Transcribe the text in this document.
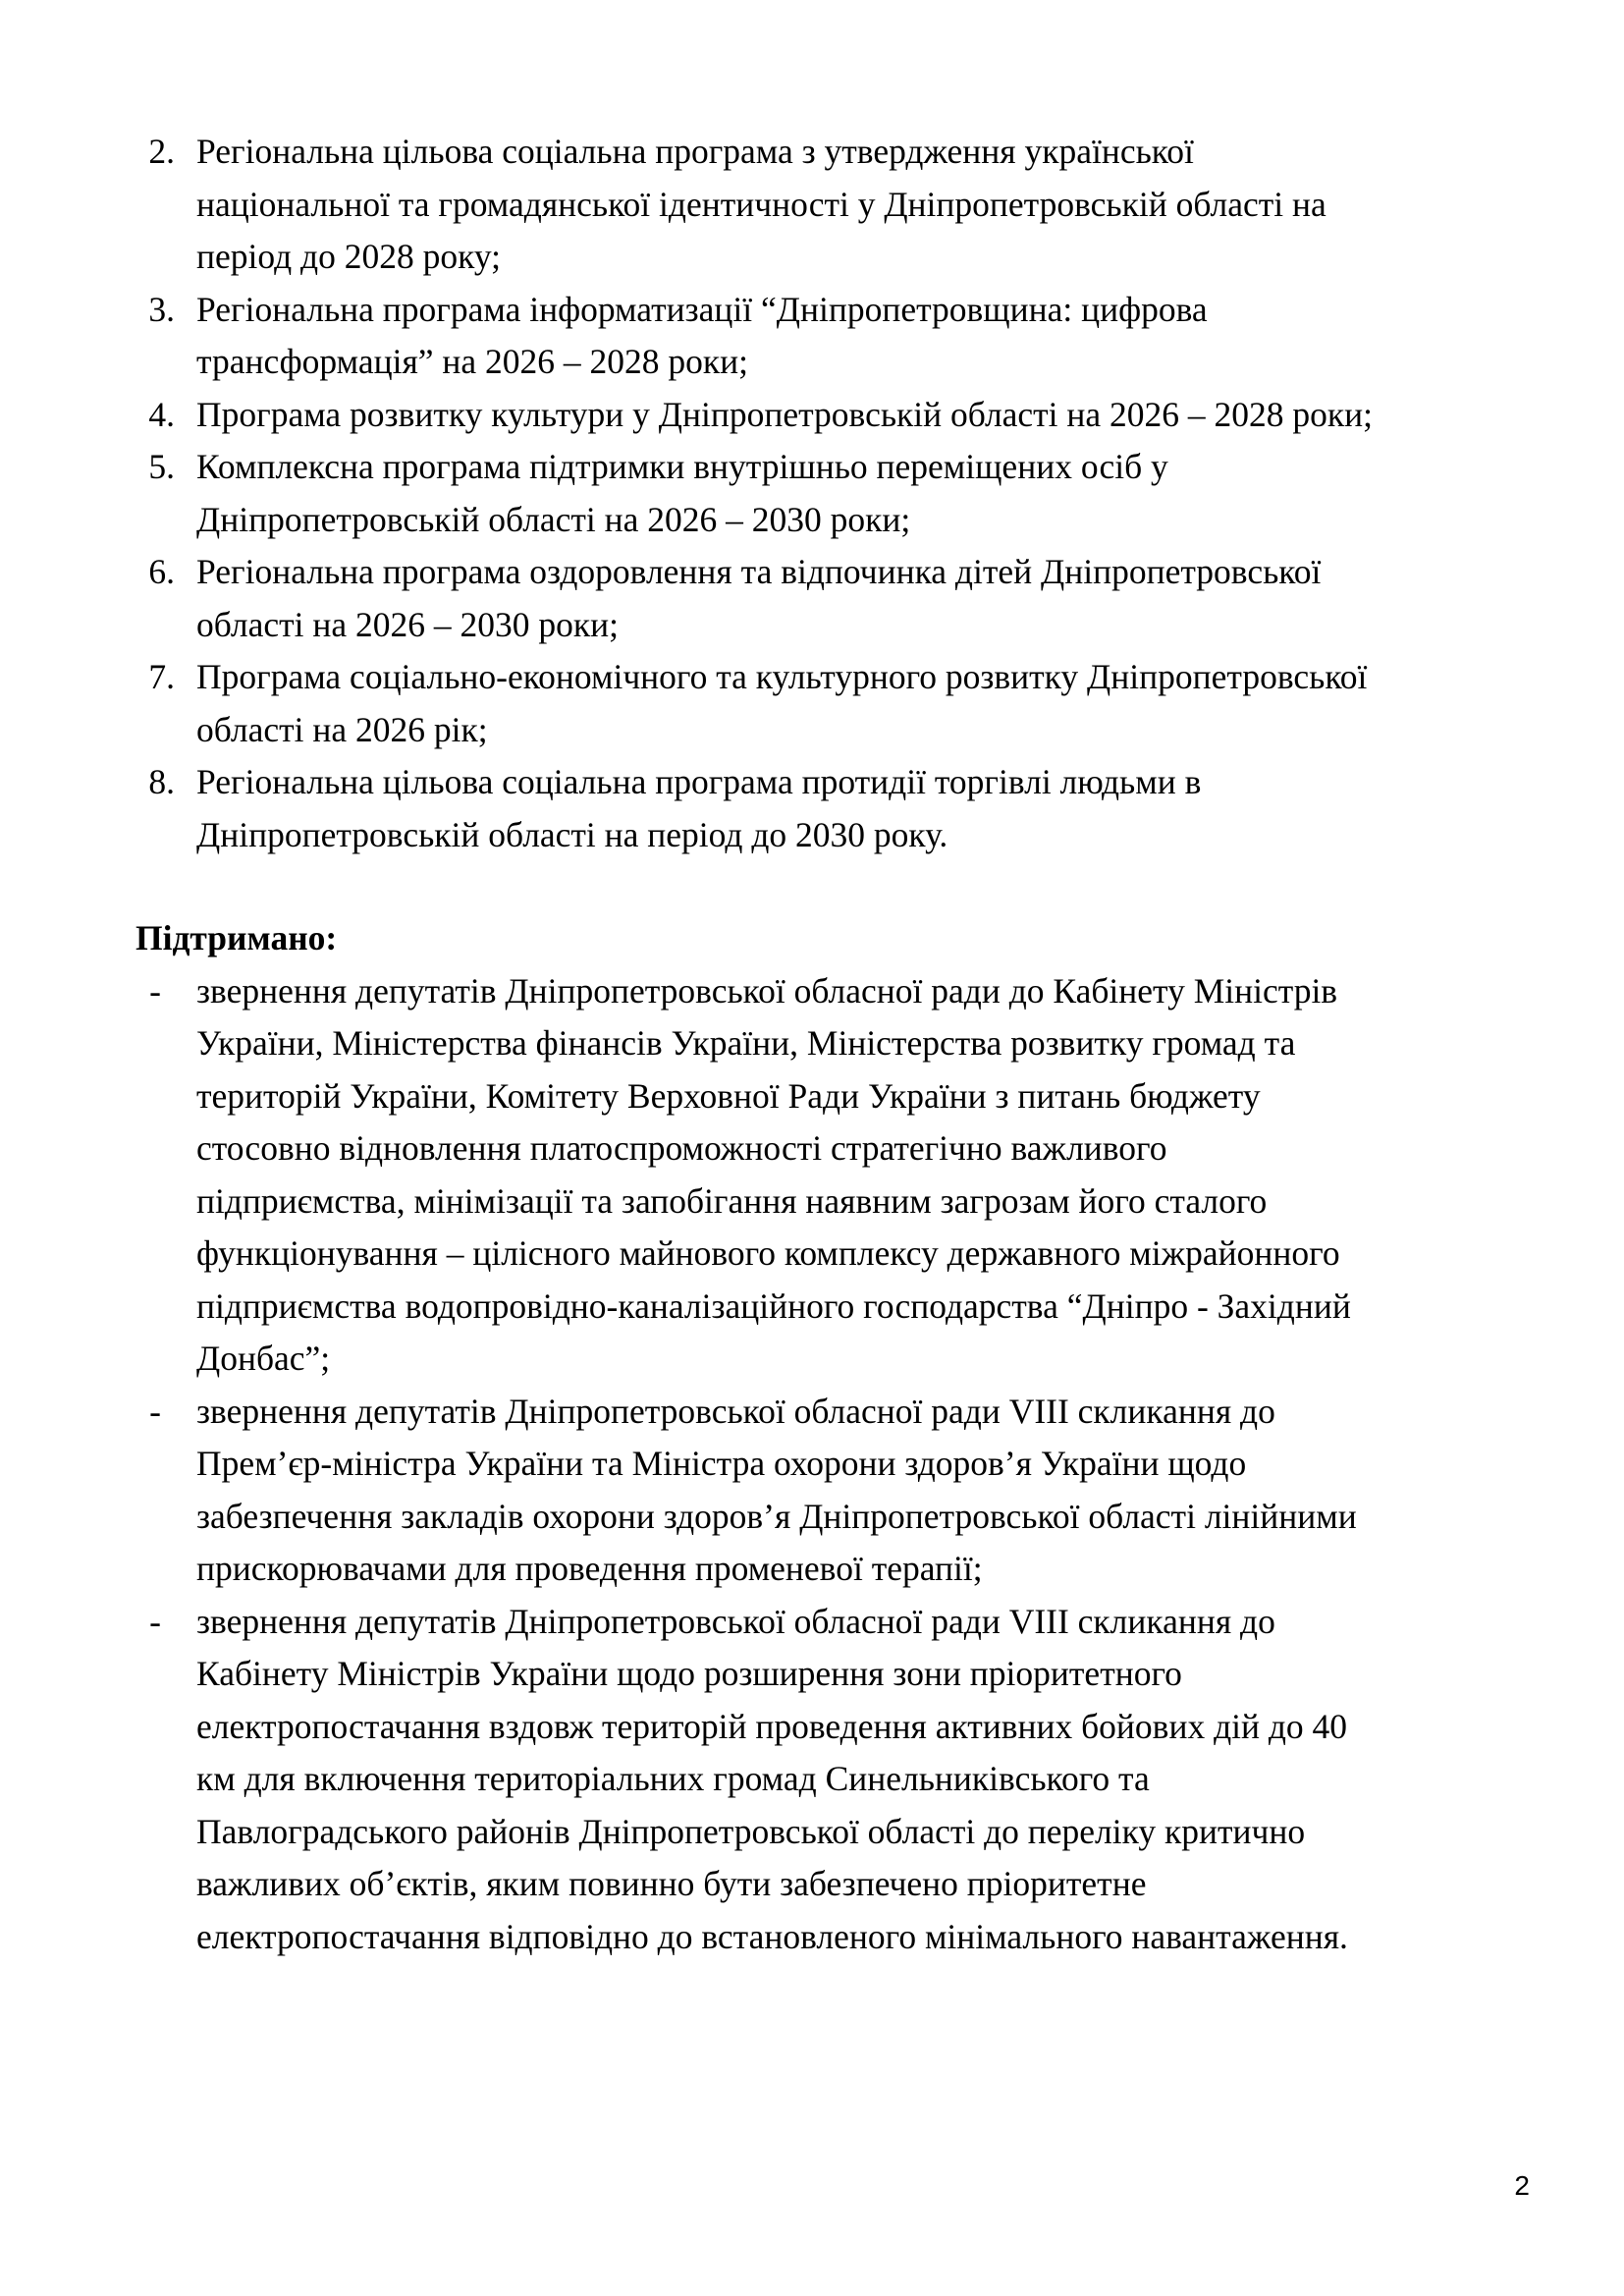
2. Регіональна цільова соціальна програма з утвердження української національної та громадянської ідентичності у Дніпропетровській області на період до 2028 року;
3. Регіональна програма інформатизації “Дніпропетровщина: цифрова трансформація” на 2026 – 2028 роки;
4. Програма розвитку культури у Дніпропетровській області на 2026 – 2028 роки;
5. Комплексна програма підтримки внутрішньо переміщених осіб у Дніпропетровській області на 2026 – 2030 роки;
6. Регіональна програма оздоровлення та відпочинка дітей Дніпропетровської області на 2026 – 2030 роки;
7. Програма соціально-економічного та культурного розвитку Дніпропетровської області на 2026 рік;
8. Регіональна цільова соціальна програма протидії торгівлі людьми в Дніпропетровській області на період до 2030 року.

Підтримано:

- звернення депутатів Дніпропетровської обласної ради до Кабінету Міністрів України, Міністерства фінансів України, Міністерства розвитку громад та територій України, Комітету Верховної Ради України з питань бюджету стосовно відновлення платоспроможності стратегічно важливого підприємства, мінімізації та запобігання наявним загрозам його сталого функціонування – цілісного майнового комплексу державного міжрайонного підприємства водопровідно-каналізаційного господарства “Дніпро - Західний Донбас”;
- звернення депутатів Дніпропетровської обласної ради VIII скликання до Прем’єр-міністра України та Міністра охорони здоров’я України щодо забезпечення закладів охорони здоров’я Дніпропетровської області лінійними прискорювачами для проведення променевої терапії;
- звернення депутатів Дніпропетровської обласної ради VIII скликання до Кабінету Міністрів України щодо розширення зони пріоритетного електропостачання вздовж територій проведення активних бойових дій до 40 км для включення територіальних громад Синельниківського та Павлоградського районів Дніпропетровської області до переліку критично важливих об’єктів, яким повинно бути забезпечено пріоритетне електропостачання відповідно до встановленого мінімального навантаження.
2
